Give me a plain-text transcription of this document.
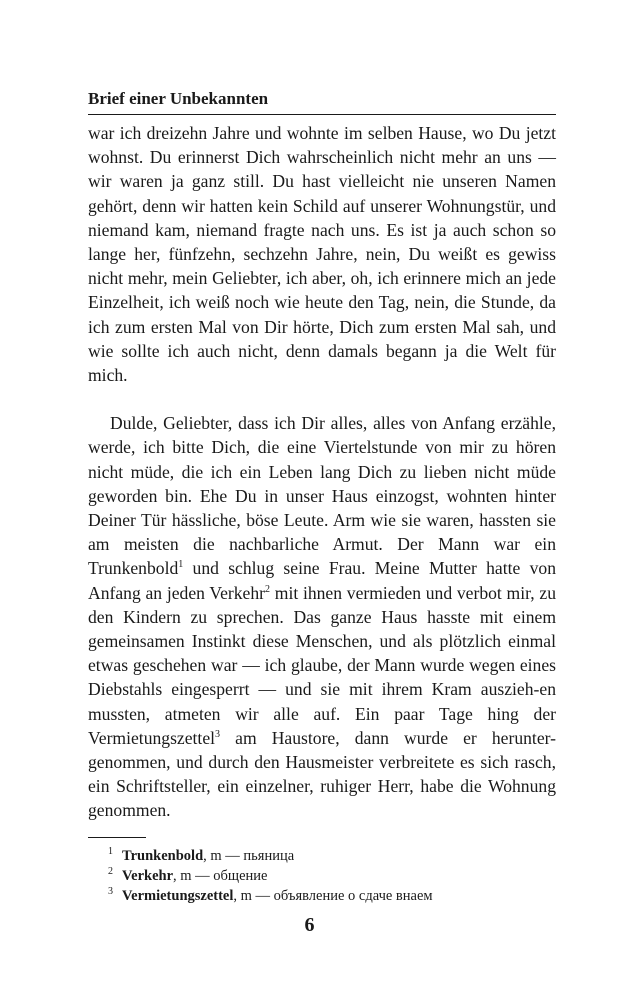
Brief einer Unbekannten

war ich dreizehn Jahre und wohnte im selben Hause, wo Du jetzt wohnst. Du erinnerst Dich wahrscheinlich nicht mehr an uns — wir waren ja ganz still. Du hast vielleicht nie unseren Namen gehört, denn wir hatten kein Schild auf unserer Wohnungstür, und niemand kam, niemand fragte nach uns. Es ist ja auch schon so lange her, fünfzehn, sechzehn Jahre, nein, Du weißt es gewiss nicht mehr, mein Geliebter, ich aber, oh, ich erinnere mich an jede Einzelheit, ich weiß noch wie heute den Tag, nein, die Stunde, da ich zum ersten Mal von Dir hörte, Dich zum ersten Mal sah, und wie sollte ich auch nicht, denn damals begann ja die Welt für mich.

Dulde, Geliebter, dass ich Dir alles, alles von Anfang erzähle, werde, ich bitte Dich, die eine Viertelstunde von mir zu hören nicht müde, die ich ein Leben lang Dich zu lieben nicht müde geworden bin. Ehe Du in unser Haus einzogst, wohnten hinter Deiner Tür hässliche, böse Leute. Arm wie sie waren, hassten sie am meisten die nachbarliche Armut. Der Mann war ein Trunkenbold$^1$ und schlug seine Frau. Meine Mutter hatte von Anfang an jeden Verkehr$^2$ mit ihnen vermieden und verbot mir, zu den Kindern zu sprechen. Das ganze Haus hasste mit einem gemeinsamen Instinkt diese Menschen, und als plötzlich einmal etwas geschehen war — ich glaube, der Mann wurde wegen eines Diebstahls eingesperrt — und sie mit ihrem Kram auszieh-en mussten, atmeten wir alle auf. Ein paar Tage hing der Vermietungszettel$^3$ am Haustore, dann wurde er herunter-genommen, und durch den Hausmeister verbreitete es sich rasch, ein Schriftsteller, ein einzelner, ruhiger Herr, habe die Wohnung genommen.

1 Trunkenbold, m — пьяница

2 Verkehr, m — общение

3 Vermietungszettel, m — объявление о сдаче внаем

6
